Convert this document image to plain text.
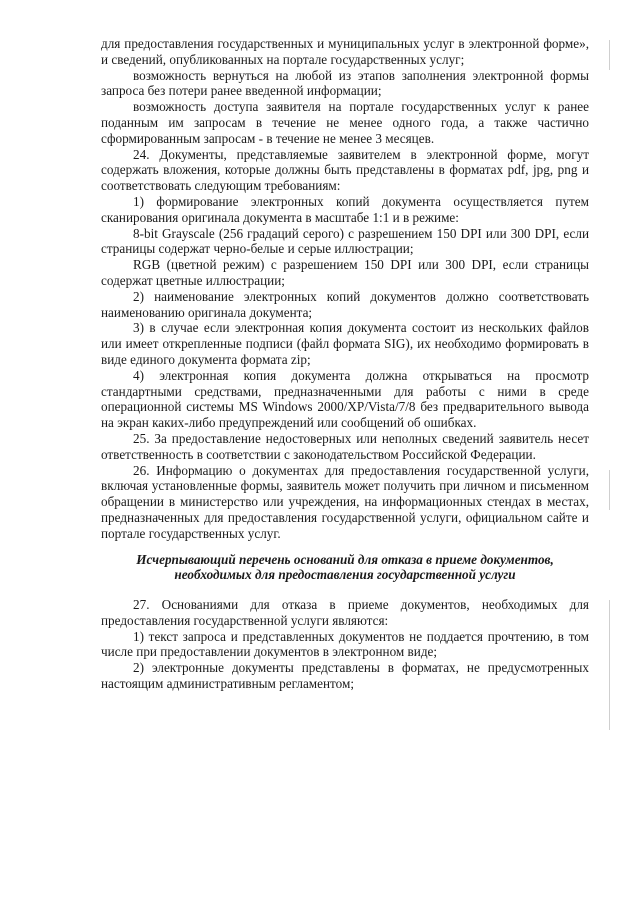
для предоставления государственных и муниципальных услуг в электронной форме», и сведений, опубликованных на портале государственных услуг;

возможность вернуться на любой из этапов заполнения электронной формы запроса без потери ранее введенной информации;

возможность доступа заявителя на портале государственных услуг к ранее поданным им запросам в течение не менее одного года, а также частично сформированным запросам - в течение не менее 3 месяцев.

24. Документы, представляемые заявителем в электронной форме, могут содержать вложения, которые должны быть представлены в форматах pdf, jpg, png и соответствовать следующим требованиям:

1) формирование электронных копий документа осуществляется путем сканирования оригинала документа в масштабе 1:1 и в режиме:

8-bit Grayscale (256 градаций серого) с разрешением 150 DPI или 300 DPI, если страницы содержат черно-белые и серые иллюстрации;

RGB (цветной режим) с разрешением 150 DPI или 300 DPI, если страницы содержат цветные иллюстрации;

2) наименование электронных копий документов должно соответствовать наименованию оригинала документа;

3) в случае если электронная копия документа состоит из нескольких файлов или имеет открепленные подписи (файл формата SIG), их необходимо формировать в виде единого документа формата zip;

4) электронная копия документа должна открываться на просмотр стандартными средствами, предназначенными для работы с ними в среде операционной системы MS Windows 2000/XP/Vista/7/8 без предварительного вывода на экран каких-либо предупреждений или сообщений об ошибках.

25. За предоставление недостоверных или неполных сведений заявитель несет ответственность в соответствии с законодательством Российской Федерации.

26. Информацию о документах для предоставления государственной услуги, включая установленные формы, заявитель может получить при личном и письменном обращении в министерство или учреждения, на информационных стендах в местах, предназначенных для предоставления государственной услуги, официальном сайте и портале государственных услуг.

Исчерпывающий перечень оснований для отказа в приеме документов, необходимых для предоставления государственной услуги

27. Основаниями для отказа в приеме документов, необходимых для предоставления государственной услуги являются:

1) текст запроса и представленных документов не поддается прочтению, в том числе при предоставлении документов в электронном виде;

2) электронные документы представлены в форматах, не предусмотренных настоящим административным регламентом;
